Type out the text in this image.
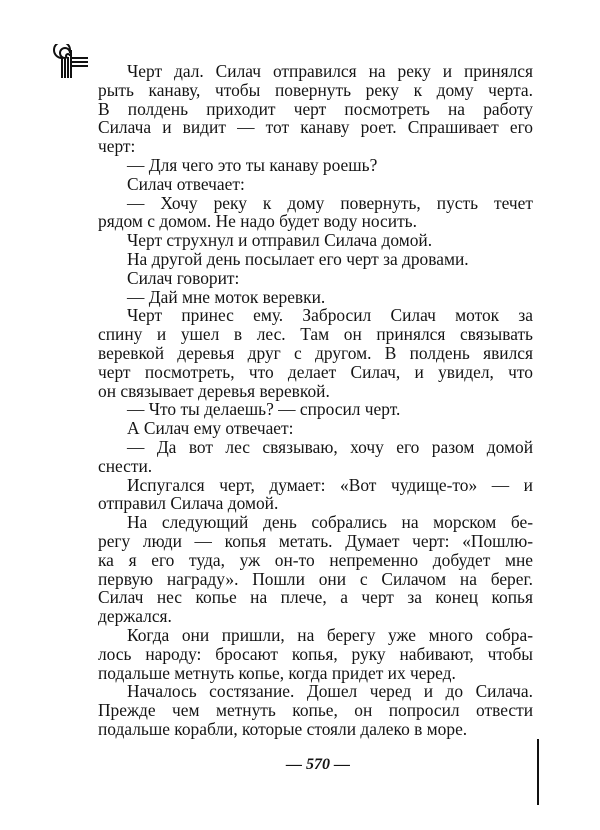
Черт дал. Силач отправился на реку и принялся
рыть канаву, чтобы повернуть реку к дому черта.
В полдень приходит черт посмотреть на работу
Силача и видит — тот канаву роет. Спрашивает его
черт:
— Для чего это ты канаву роешь?
Силач отвечает:
— Хочу реку к дому повернуть, пусть течет
рядом с домом. Не надо будет воду носить.
Черт струхнул и отправил Силача домой.
На другой день посылает его черт за дровами.
Силач говорит:
— Дай мне моток веревки.
Черт принес ему. Забросил Силач моток за
спину и ушел в лес. Там он принялся связывать
веревкой деревья друг с другом. В полдень явился
черт посмотреть, что делает Силач, и увидел, что
он связывает деревья веревкой.
— Что ты делаешь? — спросил черт.
А Силач ему отвечает:
— Да вот лес связываю, хочу его разом домой
снести.
Испугался черт, думает: «Вот чудище-то» — и
отправил Силача домой.
На следующий день собрались на морском бе-
регу люди — копья метать. Думает черт: «Пошлю-
ка я его туда, уж он-то непременно добудет мне
первую награду». Пошли они с Силачом на берег.
Силач нес копье на плече, а черт за конец копья
держался.
Когда они пришли, на берегу уже много собра-
лось народу: бросают копья, руку набивают, чтобы
подальше метнуть копье, когда придет их черед.
Началось состязание. Дошел черед и до Силача.
Прежде чем метнуть копье, он попросил отвести
подальше корабли, которые стояли далеко в море.
— 570 —
